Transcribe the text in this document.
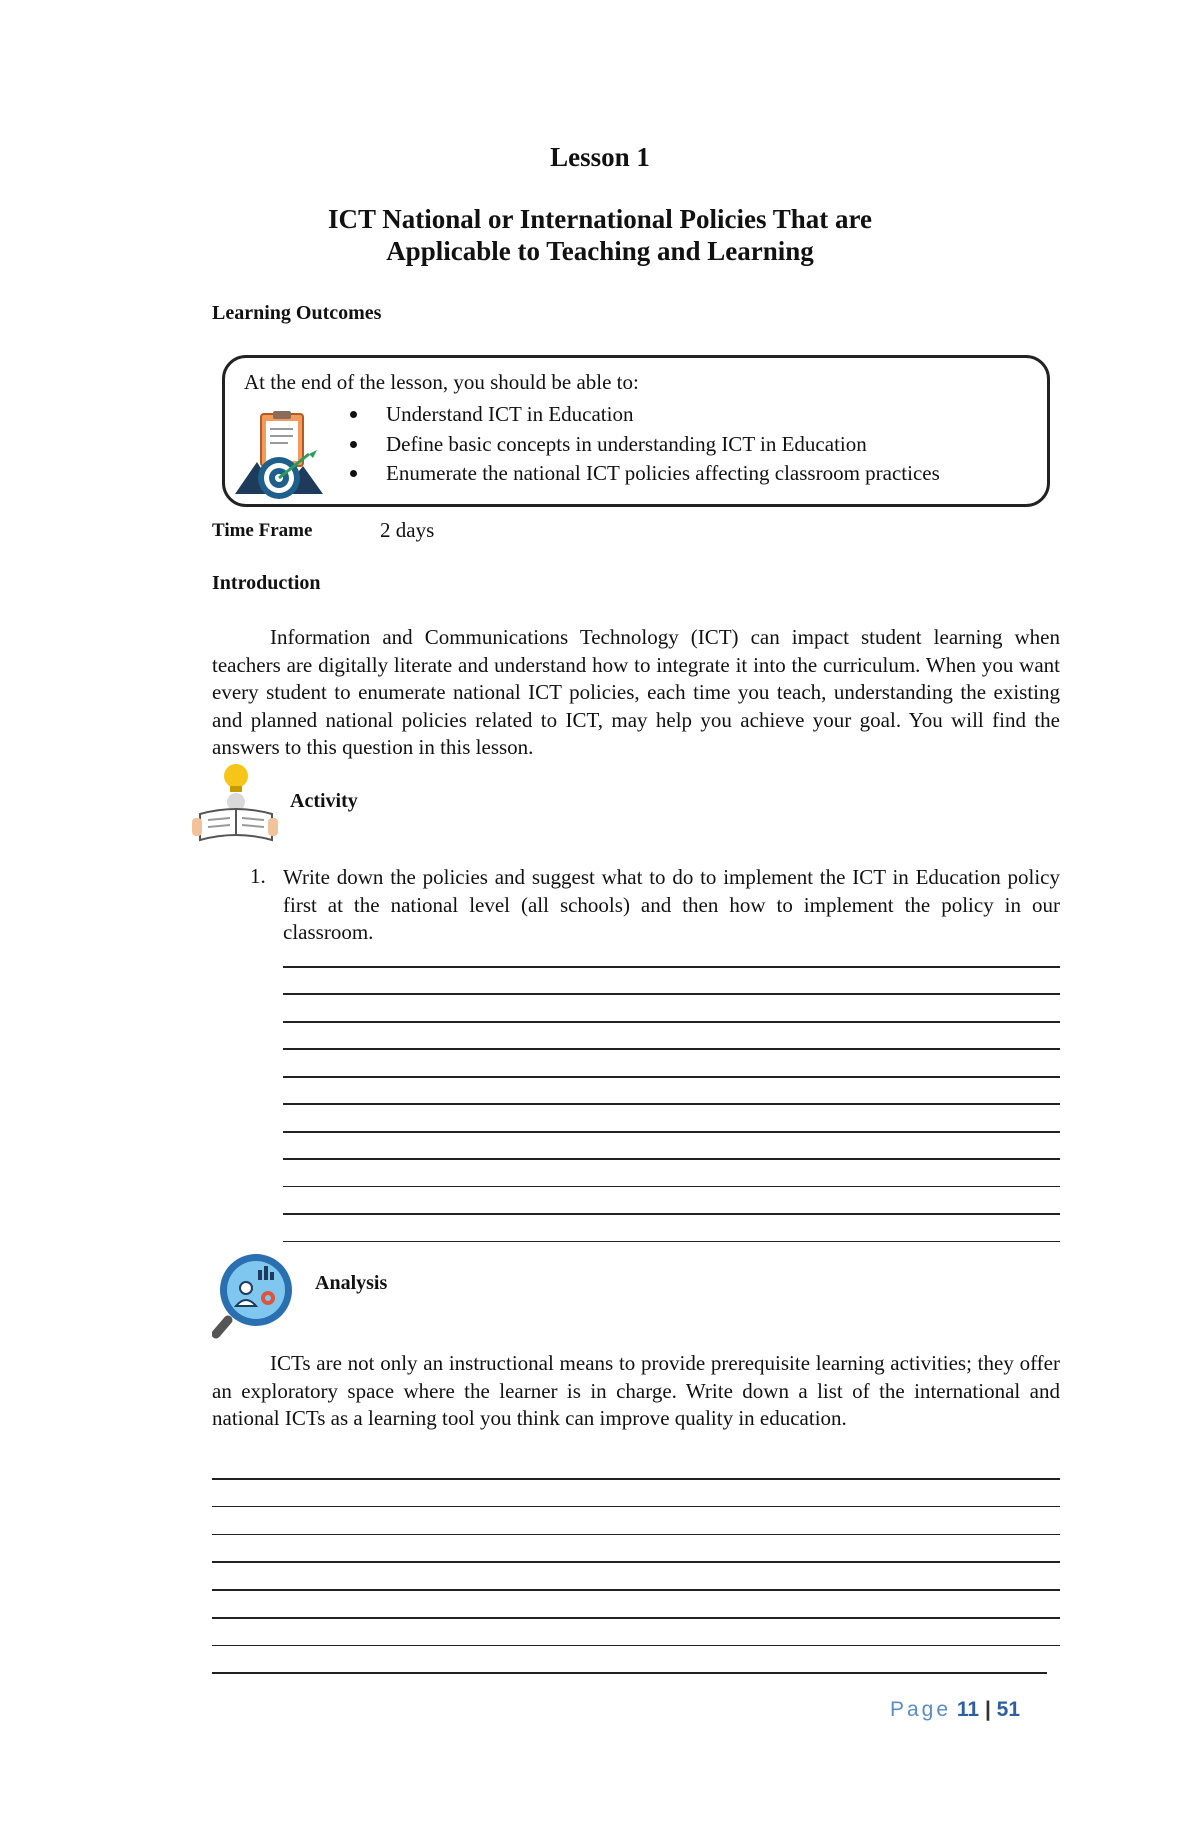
Lesson 1
ICT National or International Policies That are
Applicable to Teaching and Learning
Learning Outcomes
At the end of the lesson, you should be able to:
Understand ICT in Education
Define basic concepts in understanding ICT in Education
Enumerate the national ICT policies affecting classroom practices
Time Frame	2 days
Introduction
Information and Communications Technology (ICT) can impact student learning when teachers are digitally literate and understand how to integrate it into the curriculum. When you want every student to enumerate national ICT policies, each time you teach, understanding the existing and planned national policies related to ICT, may help you achieve your goal. You will find the answers to this question in this lesson.
Activity
1. Write down the policies and suggest what to do to implement the ICT in Education policy first at the national level (all schools) and then how to implement the policy in our classroom.
Analysis
ICTs are not only an instructional means to provide prerequisite learning activities; they offer an exploratory space where the learner is in charge. Write down a list of the international and national ICTs as a learning tool you think can improve quality in education.
Page 11 | 51
